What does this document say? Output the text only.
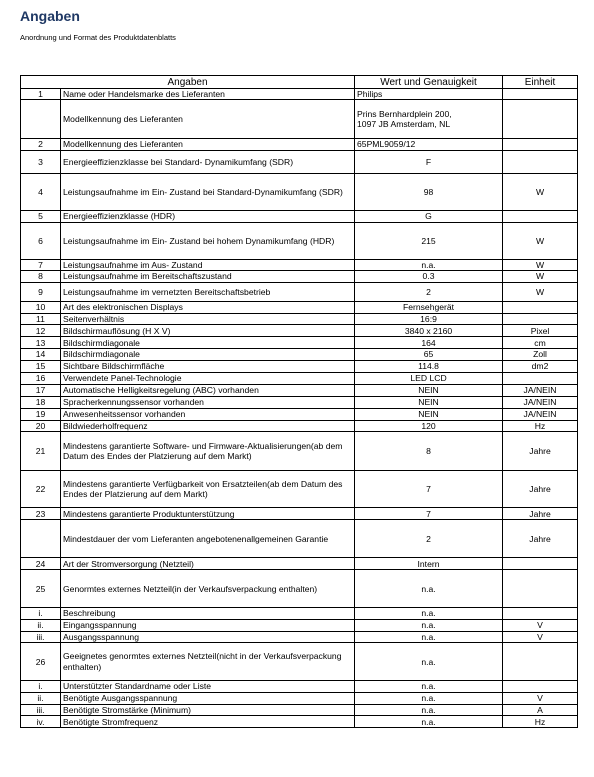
Angaben
Anordnung und Format des Produktdatenblatts
Angaben		Wert und Genauigkeit	Einheit
1	Name oder Handelsmarke des Lieferanten	Philips	
	Modellkennung des Lieferanten	Prins Bernhardplein 200,
1097 JB Amsterdam, NL	
2	Modellkennung des Lieferanten	65PML9059/12	
3	Energieeffizienzklasse bei Standard- Dynamikumfang (SDR)	F	
4	Leistungsaufnahme im Ein- Zustand bei Standard-Dynamikumfang (SDR)	98	W
5	Energieeffizienzklasse (HDR)	G	
6	Leistungsaufnahme im Ein- Zustand bei hohem Dynamikumfang (HDR)	215	W
7	Leistungsaufnahme im Aus- Zustand	n.a.	W
8	Leistungsaufnahme im Bereitschaftszustand	0.3	W
9	Leistungsaufnahme im vernetzten Bereitschaftsbetrieb	2	W
10	Art des elektronischen Displays	Fernsehgerät	
11	Seitenverhältnis	16:9	
12	Bildschirmauflösung (H X V)	3840 x 2160	Pixel
13	Bildschirmdiagonale	164	cm
14	Bildschirmdiagonale	65	Zoll
15	Sichtbare Bildschirmfläche	114.8	dm2
16	Verwendete Panel-Technologie	LED LCD	
17	Automatische Helligkeitsregelung (ABC) vorhanden	NEIN	JA/NEIN
18	Spracherkennungssensor vorhanden	NEIN	JA/NEIN
19	Anwesenheitssensor vorhanden	NEIN	JA/NEIN
20	Bildwiederholfrequenz	120	Hz
21	Mindestens garantierte Software- und Firmware-Aktualisierungen(ab dem Datum des Endes der Platzierung auf dem Markt)	8	Jahre
22	Mindestens garantierte Verfügbarkeit von Ersatzteilen(ab dem Datum des Endes der Platzierung auf dem Markt)	7	Jahre
23	Mindestens garantierte Produktunterstützung	7	Jahre
	Mindestdauer der vom Lieferanten angebotenenallgemeinen Garantie	2	Jahre
24	Art der Stromversorgung (Netzteil)	Intern	
25	Genormtes externes Netzteil(in der Verkaufsverpackung enthalten)	n.a.	
i.	Beschreibung	n.a.	
ii.	Eingangsspannung	n.a.	V
iii.	Ausgangsspannung	n.a.	V
26	Geeignetes genormtes externes Netzteil(nicht in der Verkaufsverpackung enthalten)	n.a.	
i.	Unterstützter Standardname oder Liste	n.a.	
ii.	Benötigte Ausgangsspannung	n.a.	V
iii.	Benötigte Stromstärke (Minimum)	n.a.	A
iv.	Benötigte Stromfrequenz	n.a.	Hz
